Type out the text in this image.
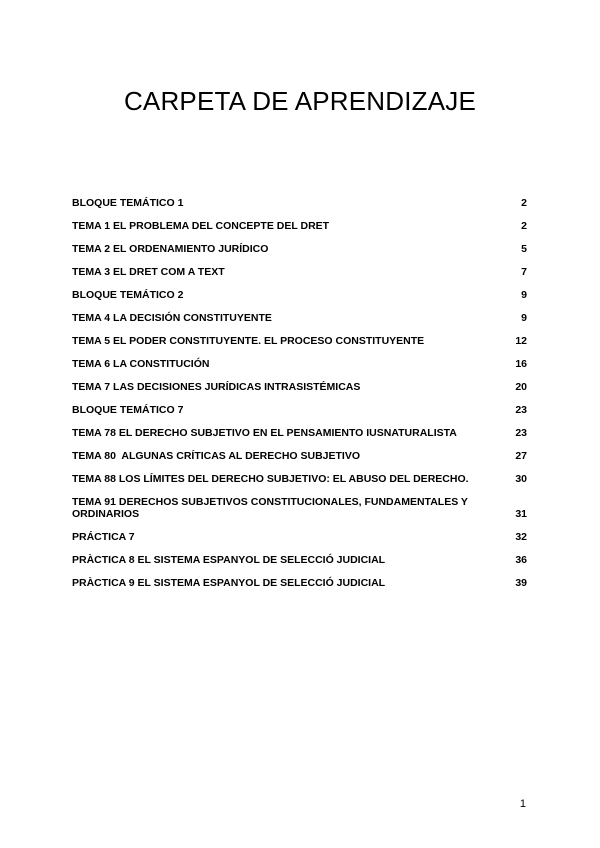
CARPETA DE APRENDIZAJE
BLOQUE TEMÁTICO 1	2
TEMA 1 EL PROBLEMA DEL CONCEPTE DEL DRET	2
TEMA 2 EL ORDENAMIENTO JURÍDICO	5
TEMA 3 EL DRET COM A TEXT	7
BLOQUE TEMÁTICO 2	9
TEMA 4 LA DECISIÓN CONSTITUYENTE	9
TEMA 5 EL PODER CONSTITUYENTE. EL PROCESO CONSTITUYENTE	12
TEMA 6 LA CONSTITUCIÓN	16
TEMA 7 LAS DECISIONES JURÍDICAS INTRASISTÉMICAS	20
BLOQUE TEMÁTICO 7	23
TEMA 78 EL DERECHO SUBJETIVO EN EL PENSAMIENTO IUSNATURALISTA	23
TEMA 80  ALGUNAS CRÍTICAS AL DERECHO SUBJETIVO	27
TEMA 88 LOS LÍMITES DEL DERECHO SUBJETIVO: EL ABUSO DEL DERECHO.	30
TEMA 91 DERECHOS SUBJETIVOS CONSTITUCIONALES, FUNDAMENTALES Y ORDINARIOS	31
PRÁCTICA 7	32
PRÀCTICA 8 EL SISTEMA ESPANYOL DE SELECCIÓ JUDICIAL	36
PRÀCTICA 9 EL SISTEMA ESPANYOL DE SELECCIÓ JUDICIAL	39
1
